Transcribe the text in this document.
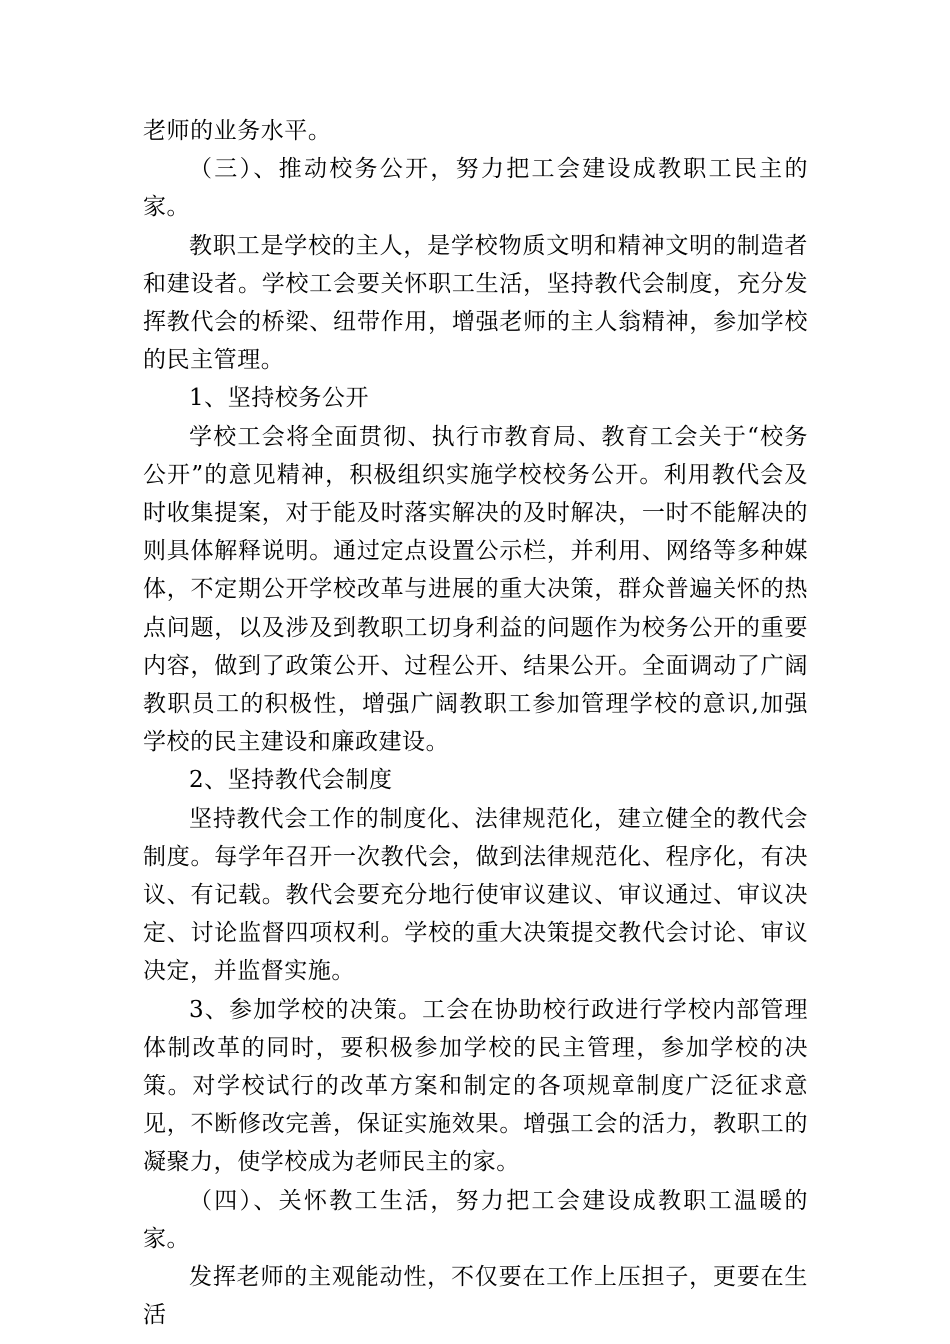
老师的业务水平。

（三）、推动校务公开，努力把工会建设成教职工民主的家。

教职工是学校的主人，是学校物质文明和精神文明的制造者和建设者。学校工会要关怀职工生活，坚持教代会制度，充分发挥教代会的桥梁、纽带作用，增强老师的主人翁精神，参加学校的民主管理。

1、坚持校务公开

学校工会将全面贯彻、执行市教育局、教育工会关于“校务公开”的意见精神，积极组织实施学校校务公开。利用教代会及时收集提案，对于能及时落实解决的及时解决，一时不能解决的则具体解释说明。通过定点设置公示栏，并利用、网络等多种媒体，不定期公开学校改革与进展的重大决策，群众普遍关怀的热点问题，以及涉及到教职工切身利益的问题作为校务公开的重要内容，做到了政策公开、过程公开、结果公开。全面调动了广阔教职员工的积极性，增强广阔教职工参加管理学校的意识,加强学校的民主建设和廉政建设。

2、坚持教代会制度

坚持教代会工作的制度化、法律规范化，建立健全的教代会制度。每学年召开一次教代会，做到法律规范化、程序化，有决议、有记载。教代会要充分地行使审议建议、审议通过、审议决定、讨论监督四项权利。学校的重大决策提交教代会讨论、审议决定，并监督实施。

3、参加学校的决策。工会在协助校行政进行学校内部管理体制改革的同时，要积极参加学校的民主管理，参加学校的决策。对学校试行的改革方案和制定的各项规章制度广泛征求意见，不断修改完善，保证实施效果。增强工会的活力，教职工的凝聚力，使学校成为老师民主的家。

（四）、关怀教工生活，努力把工会建设成教职工温暖的家。

发挥老师的主观能动性，不仅要在工作上压担子，更要在生活
